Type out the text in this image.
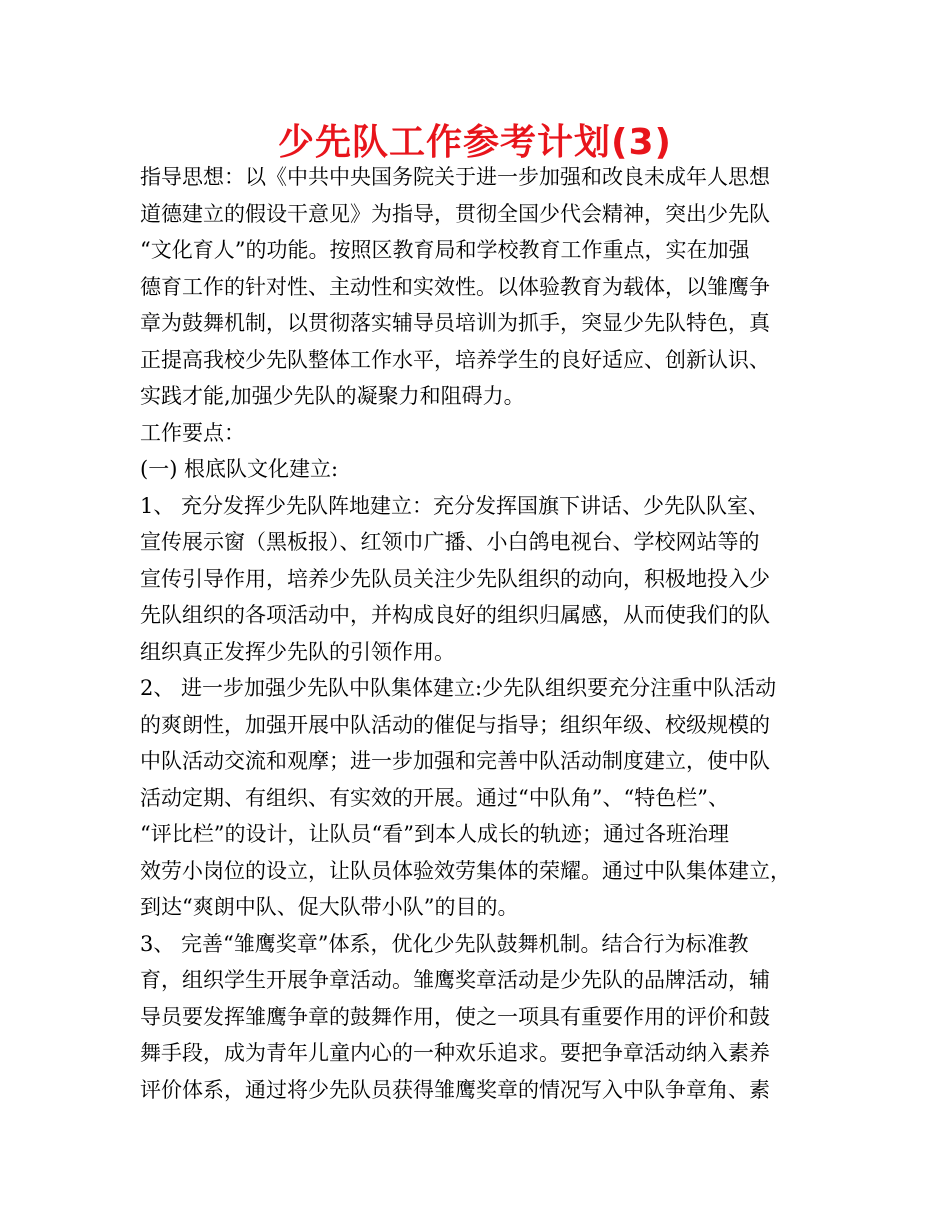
少先队工作参考计划(3)
指导思想：以《中共中央国务院关于进一步加强和改良未成年人思想
道德建立的假设干意见》为指导，贯彻全国少代会精神，突出少先队
“文化育人”的功能。按照区教育局和学校教育工作重点，实在加强
德育工作的针对性、主动性和实效性。以体验教育为载体，以雏鹰争
章为鼓舞机制，以贯彻落实辅导员培训为抓手，突显少先队特色，真
正提高我校少先队整体工作水平，培养学生的良好适应、创新认识、
实践才能,加强少先队的凝聚力和阻碍力。
工作要点：
(一) 根底队文化建立:
1、 充分发挥少先队阵地建立：充分发挥国旗下讲话、少先队队室、
宣传展示窗（黑板报）、红领巾广播、小白鸽电视台、学校网站等的
宣传引导作用，培养少先队员关注少先队组织的动向，积极地投入少
先队组织的各项活动中，并构成良好的组织归属感，从而使我们的队
组织真正发挥少先队的引领作用。
2、 进一步加强少先队中队集体建立:少先队组织要充分注重中队活动
的爽朗性，加强开展中队活动的催促与指导；组织年级、校级规模的
中队活动交流和观摩；进一步加强和完善中队活动制度建立，使中队
活动定期、有组织、有实效的开展。通过“中队角”、“特色栏”、
“评比栏”的设计，让队员“看”到本人成长的轨迹；通过各班治理
效劳小岗位的设立，让队员体验效劳集体的荣耀。通过中队集体建立，
到达“爽朗中队、促大队带小队”的目的。
3、 完善“雏鹰奖章”体系，优化少先队鼓舞机制。结合行为标准教
育，组织学生开展争章活动。雏鹰奖章活动是少先队的品牌活动，辅
导员要发挥雏鹰争章的鼓舞作用，使之一项具有重要作用的评价和鼓
舞手段，成为青年儿童内心的一种欢乐追求。要把争章活动纳入素养
评价体系，通过将少先队员获得雏鹰奖章的情况写入中队争章角、素
